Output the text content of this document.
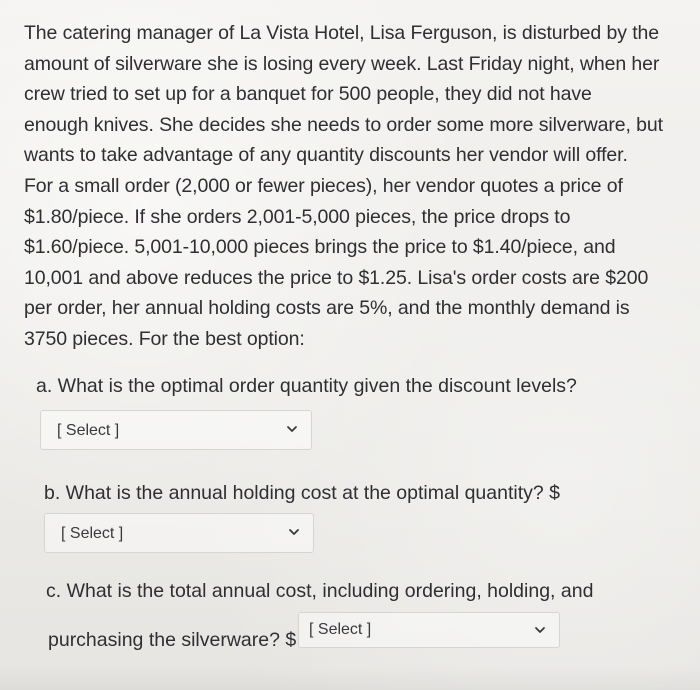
The catering manager of La Vista Hotel, Lisa Ferguson, is disturbed by the
amount of silverware she is losing every week. Last Friday night, when her
crew tried to set up for a banquet for 500 people, they did not have
enough knives. She decides she needs to order some more silverware, but
wants to take advantage of any quantity discounts her vendor will offer.
For a small order (2,000 or fewer pieces), her vendor quotes a price of
$1.80/piece. If she orders 2,001-5,000 pieces, the price drops to
$1.60/piece. 5,001-10,000 pieces brings the price to $1.40/piece, and
10,001 and above reduces the price to $1.25. Lisa's order costs are $200
per order, her annual holding costs are 5%, and the monthly demand is
3750 pieces. For the best option:
a. What is the optimal order quantity given the discount levels?
[ Select ]
b. What is the annual holding cost at the optimal quantity? $
[ Select ]
c. What is the total annual cost, including ordering, holding, and
purchasing the silverware? $ [ Select ]
